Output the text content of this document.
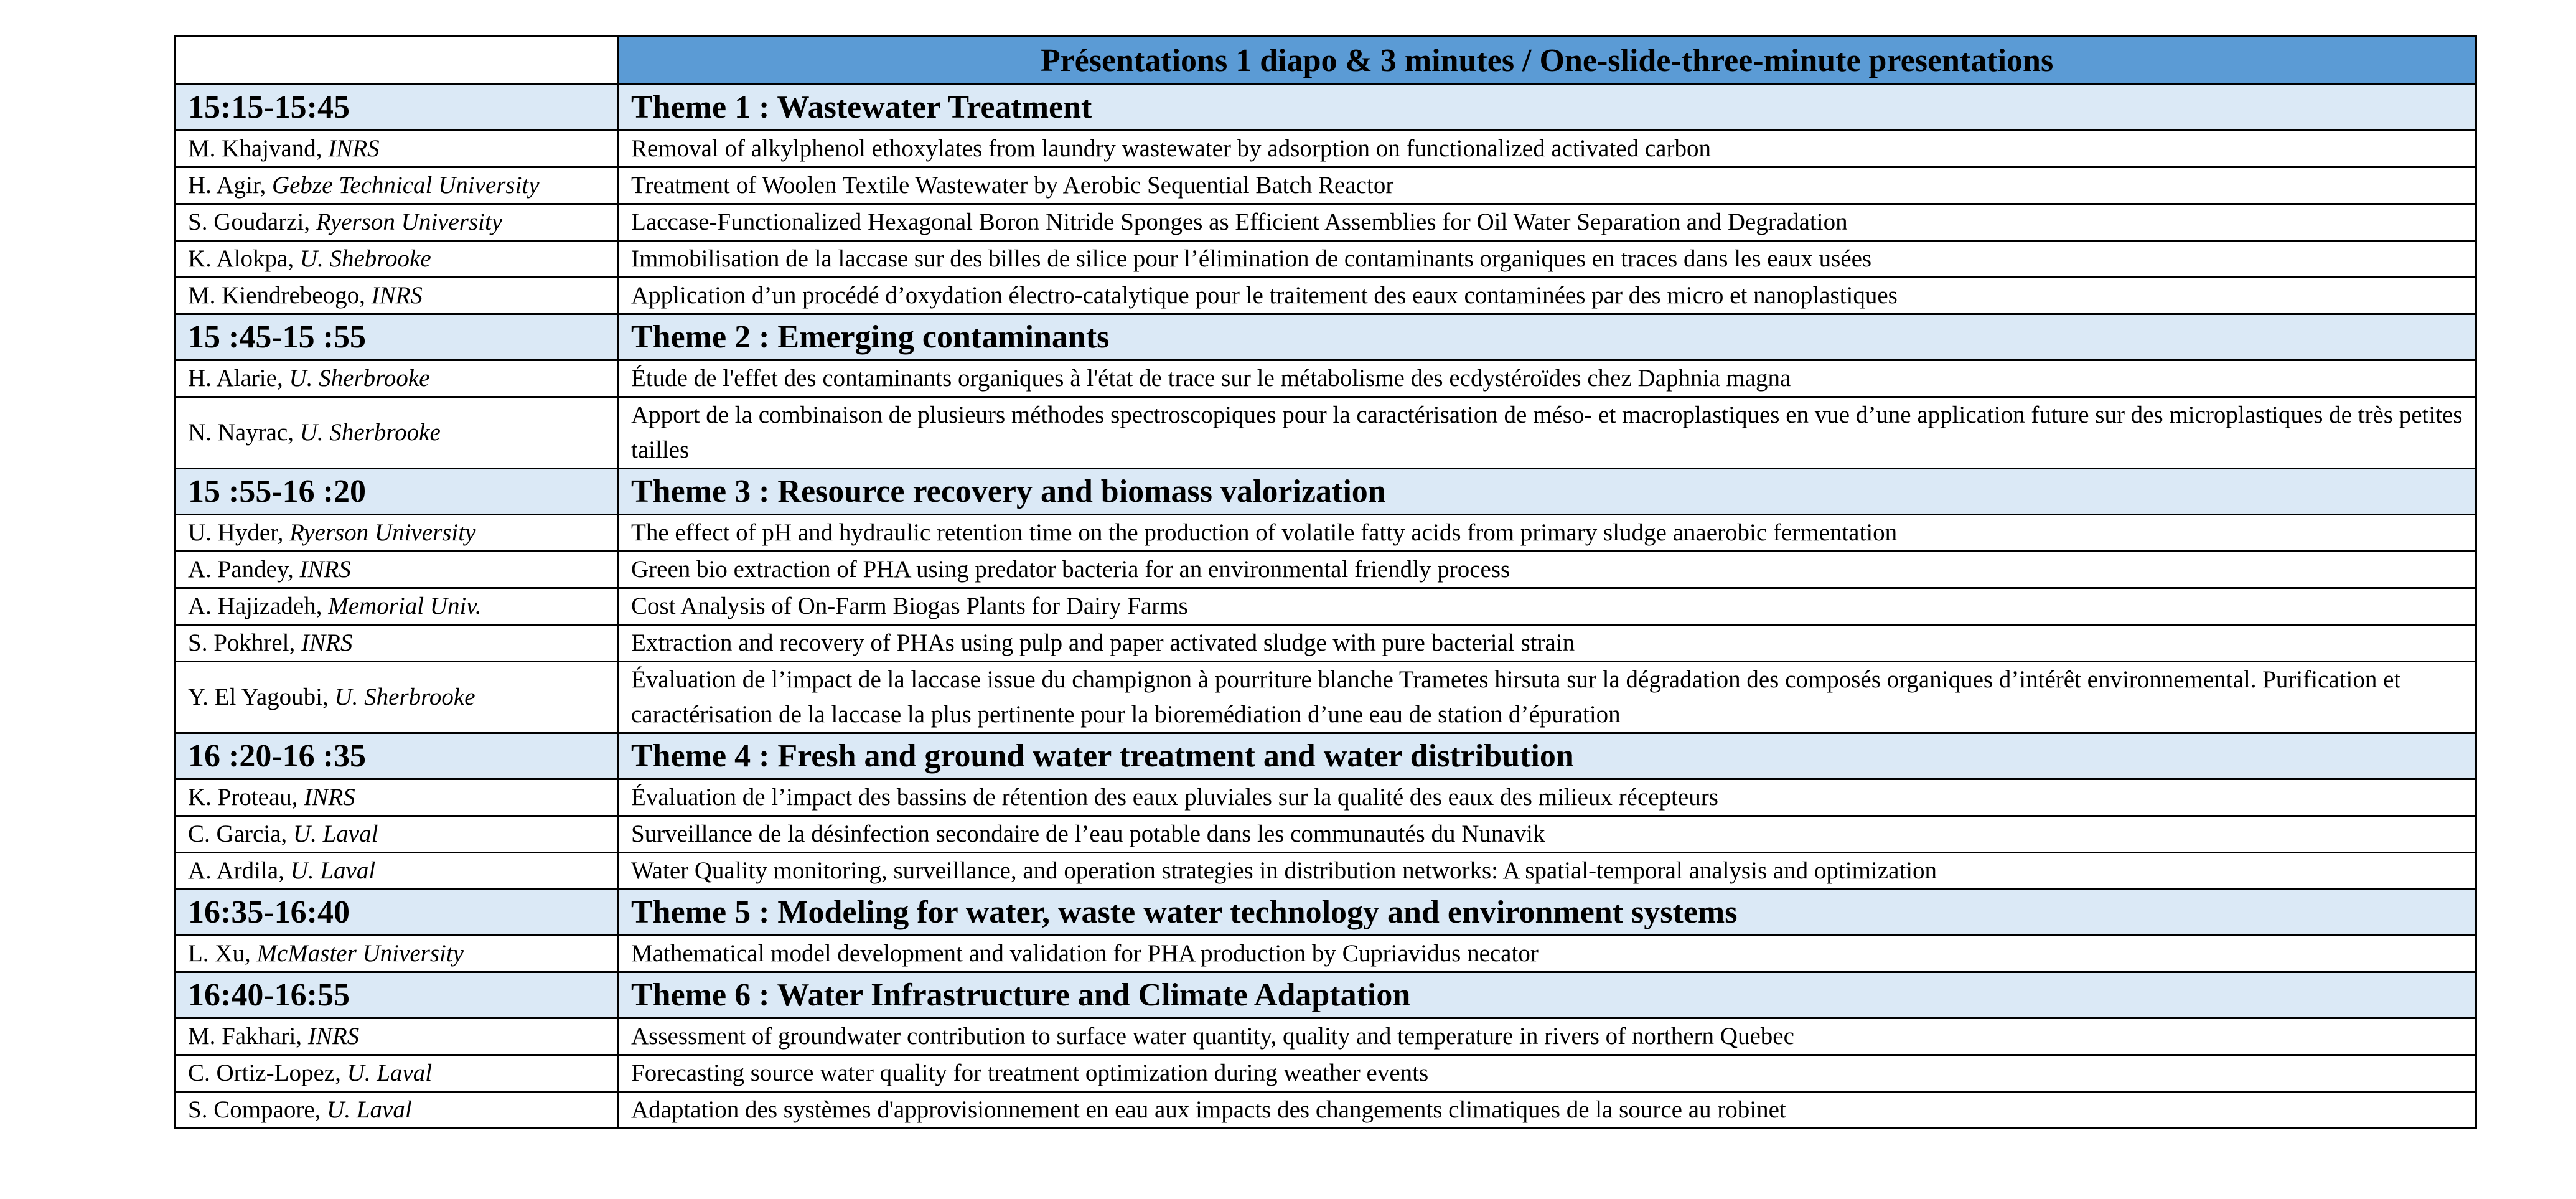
	Présentations 1 diapo & 3 minutes / One-slide-three-minute presentations
15:15-15:45	Theme 1 : Wastewater Treatment
M. Khajvand, INRS	Removal of alkylphenol ethoxylates from laundry wastewater by adsorption on functionalized activated carbon
H. Agir, Gebze Technical University	Treatment of Woolen Textile Wastewater by Aerobic Sequential Batch Reactor
S. Goudarzi, Ryerson University	Laccase-Functionalized Hexagonal Boron Nitride Sponges as Efficient Assemblies for Oil Water Separation and Degradation
K. Alokpa, U. Shebrooke	Immobilisation de la laccase sur des billes de silice pour l’élimination de contaminants organiques en traces dans les eaux usées
M. Kiendrebeogo, INRS	Application d’un procédé d’oxydation électro-catalytique pour le traitement des eaux contaminées par des micro et nanoplastiques
15 :45-15 :55	Theme 2 : Emerging contaminants
H. Alarie, U. Sherbrooke	Étude de l'effet des contaminants organiques à l'état de trace sur le métabolisme des ecdystéroïdes chez Daphnia magna
N. Nayrac, U. Sherbrooke	Apport de la combinaison de plusieurs méthodes spectroscopiques pour la caractérisation de méso- et macroplastiques en vue d’une application future sur des microplastiques de très petites tailles
15 :55-16 :20	Theme 3 : Resource recovery and biomass valorization
U. Hyder, Ryerson University	The effect of pH and hydraulic retention time on the production of volatile fatty acids from primary sludge anaerobic fermentation
A. Pandey, INRS	Green bio extraction of PHA using predator bacteria for an environmental friendly process
A. Hajizadeh, Memorial Univ.	Cost Analysis of On-Farm Biogas Plants for Dairy Farms
S. Pokhrel, INRS	Extraction and recovery of PHAs using pulp and paper activated sludge with pure bacterial strain
Y. El Yagoubi, U. Sherbrooke	Évaluation de l’impact de la laccase issue du champignon à pourriture blanche Trametes hirsuta sur la dégradation des composés organiques d’intérêt environnemental. Purification et caractérisation de la laccase la plus pertinente pour la bioremédiation d’une eau de station d’épuration
16 :20-16 :35	Theme 4 : Fresh and ground water treatment and water distribution
K. Proteau, INRS	Évaluation de l’impact des bassins de rétention des eaux pluviales sur la qualité des eaux des milieux récepteurs
C. Garcia, U. Laval	Surveillance de la désinfection secondaire de l’eau potable dans les communautés du Nunavik
A. Ardila, U. Laval	Water Quality monitoring, surveillance, and operation strategies in distribution networks: A spatial-temporal analysis and optimization
16:35-16:40	Theme 5 : Modeling for water, waste water technology and environment systems
L. Xu, McMaster University	Mathematical model development and validation for PHA production by Cupriavidus necator
16:40-16:55	Theme 6 : Water Infrastructure and Climate Adaptation
M. Fakhari, INRS	Assessment of groundwater contribution to surface water quantity, quality and temperature in rivers of northern Quebec
C. Ortiz-Lopez, U. Laval	Forecasting source water quality for treatment optimization during weather events
S. Compaore, U. Laval	Adaptation des systèmes d'approvisionnement en eau aux impacts des changements climatiques de la source au robinet
